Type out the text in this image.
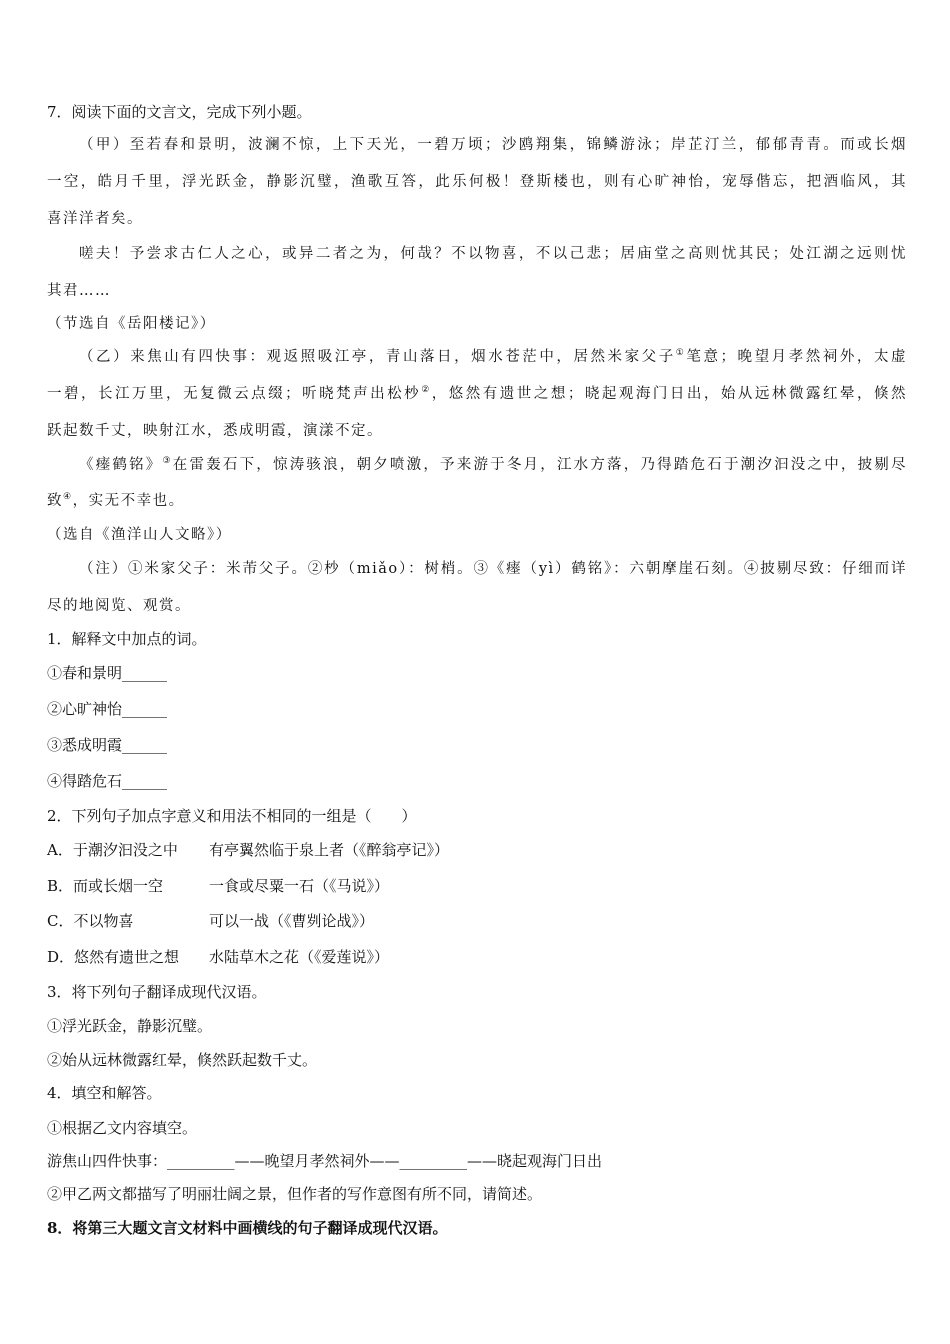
7．阅读下面的文言文，完成下列小题。
（甲）至若春和景明，波澜不惊，上下天光，一碧万顷；沙鸥翔集，锦鳞游泳；岸芷汀兰，郁郁青青。而或长烟
一空，皓月千里，浮光跃金，静影沉璧，渔歌互答，此乐何极！登斯楼也，则有心旷神怡，宠辱偕忘，把酒临风，其
喜洋洋者矣。
嗟夫！予尝求古仁人之心，或异二者之为，何哉？不以物喜，不以己悲；居庙堂之高则忧其民；处江湖之远则忧
其君……
（节选自《岳阳楼记》）
（乙）来焦山有四快事：观返照吸江亭，青山落日，烟水苍茫中，居然米家父子①笔意；晚望月孝然祠外，太虚
一碧，长江万里，无复微云点缀；听晓梵声出松杪②，悠然有遗世之想；晓起观海门日出，始从远林微露红晕，倏然
跃起数千丈，映射江水，悉成明霞，演漾不定。
《瘗鹤铭》③在雷轰石下，惊涛骇浪，朝夕喷激，予来游于冬月，江水方落，乃得踏危石于潮汐汩没之中，披剔尽
致④，实无不幸也。
（选自《渔洋山人文略》）
（注）①米家父子：米芾父子。②杪（miǎo）：树梢。③《瘗（yì）鹤铭》：六朝摩崖石刻。④披剔尽致：仔细而详
尽的地阅览、观赏。
1．解释文中加点的词。
①春和景明______
②心旷神怡______
③悉成明霞______
④得踏危石______
2．下列句子加点字意义和用法不相同的一组是（　　）
A．于潮汐汩没之中 有亭翼然临于泉上者（《醉翁亭记》）
B．而或长烟一空	一食或尽粟一石（《马说》）
C．不以物喜	可以一战（《曹刿论战》）
D．悠然有遗世之想 水陆草木之花（《爱莲说》）
3．将下列句子翻译成现代汉语。
①浮光跃金，静影沉璧。
②始从远林微露红晕，倏然跃起数千丈。
4．填空和解答。
①根据乙文内容填空。
游焦山四件快事：_________——晚望月孝然祠外——_________——晓起观海门日出
②甲乙两文都描写了明丽壮阔之景，但作者的写作意图有所不同，请简述。
8．将第三大题文言文材料中画横线的句子翻译成现代汉语。
